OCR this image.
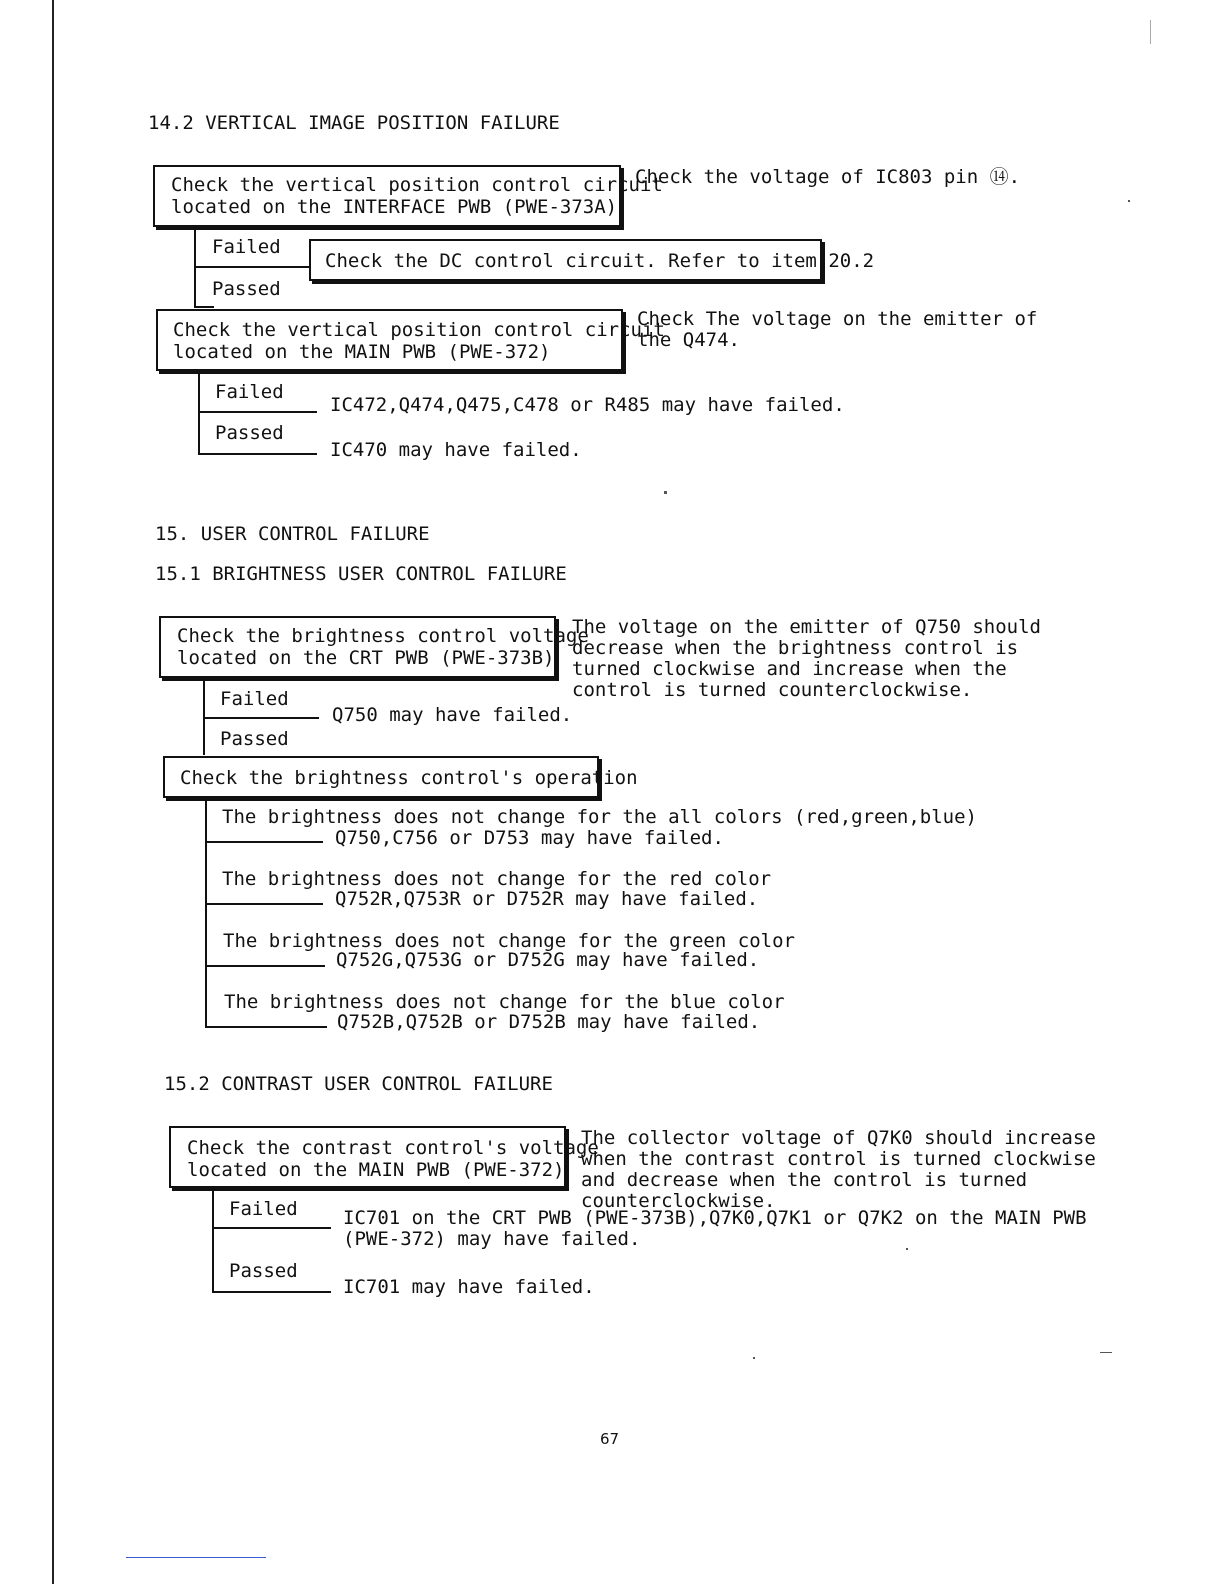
14.2 VERTICAL IMAGE POSITION FAILURE
Check the vertical position control circuit
located on the INTERFACE PWB (PWE-373A)
Check the voltage of IC803 pin ⑭.
Failed
Passed
Check the DC control circuit. Refer to item 20.2
Check the vertical position control circuit
located on the MAIN PWB (PWE-372)
Check The voltage on the emitter of
the Q474.
Failed
IC472,Q474,Q475,C478 or R485 may have failed.
Passed
IC470 may have failed.
15. USER CONTROL FAILURE
15.1 BRIGHTNESS USER CONTROL FAILURE
Check the brightness control voltage
located on the CRT PWB (PWE-373B)
The voltage on the emitter of Q750 should
decrease when the brightness control is
turned clockwise and increase when the
control is turned counterclockwise.
Failed
Q750 may have failed.
Passed
Check the brightness control's operation
The brightness does not change for the all colors (red,green,blue)
Q750,C756 or D753 may have failed.
The brightness does not change for the red color
Q752R,Q753R or D752R may have failed.
The brightness does not change for the green color
Q752G,Q753G or D752G may have failed.
The brightness does not change for the blue color
Q752B,Q752B or D752B may have failed.
15.2 CONTRAST USER CONTROL FAILURE
Check the contrast control's voltage
located on the MAIN PWB (PWE-372)
The collector voltage of Q7K0 should increase
when the contrast control is turned clockwise
and decrease when the control is turned
counterclockwise.
Failed IC701 on the CRT PWB (PWE-373B),Q7K0,Q7K1 or Q7K2 on the MAIN PWB
(PWE-372) may have failed.
Passed
IC701 may have failed.
67
